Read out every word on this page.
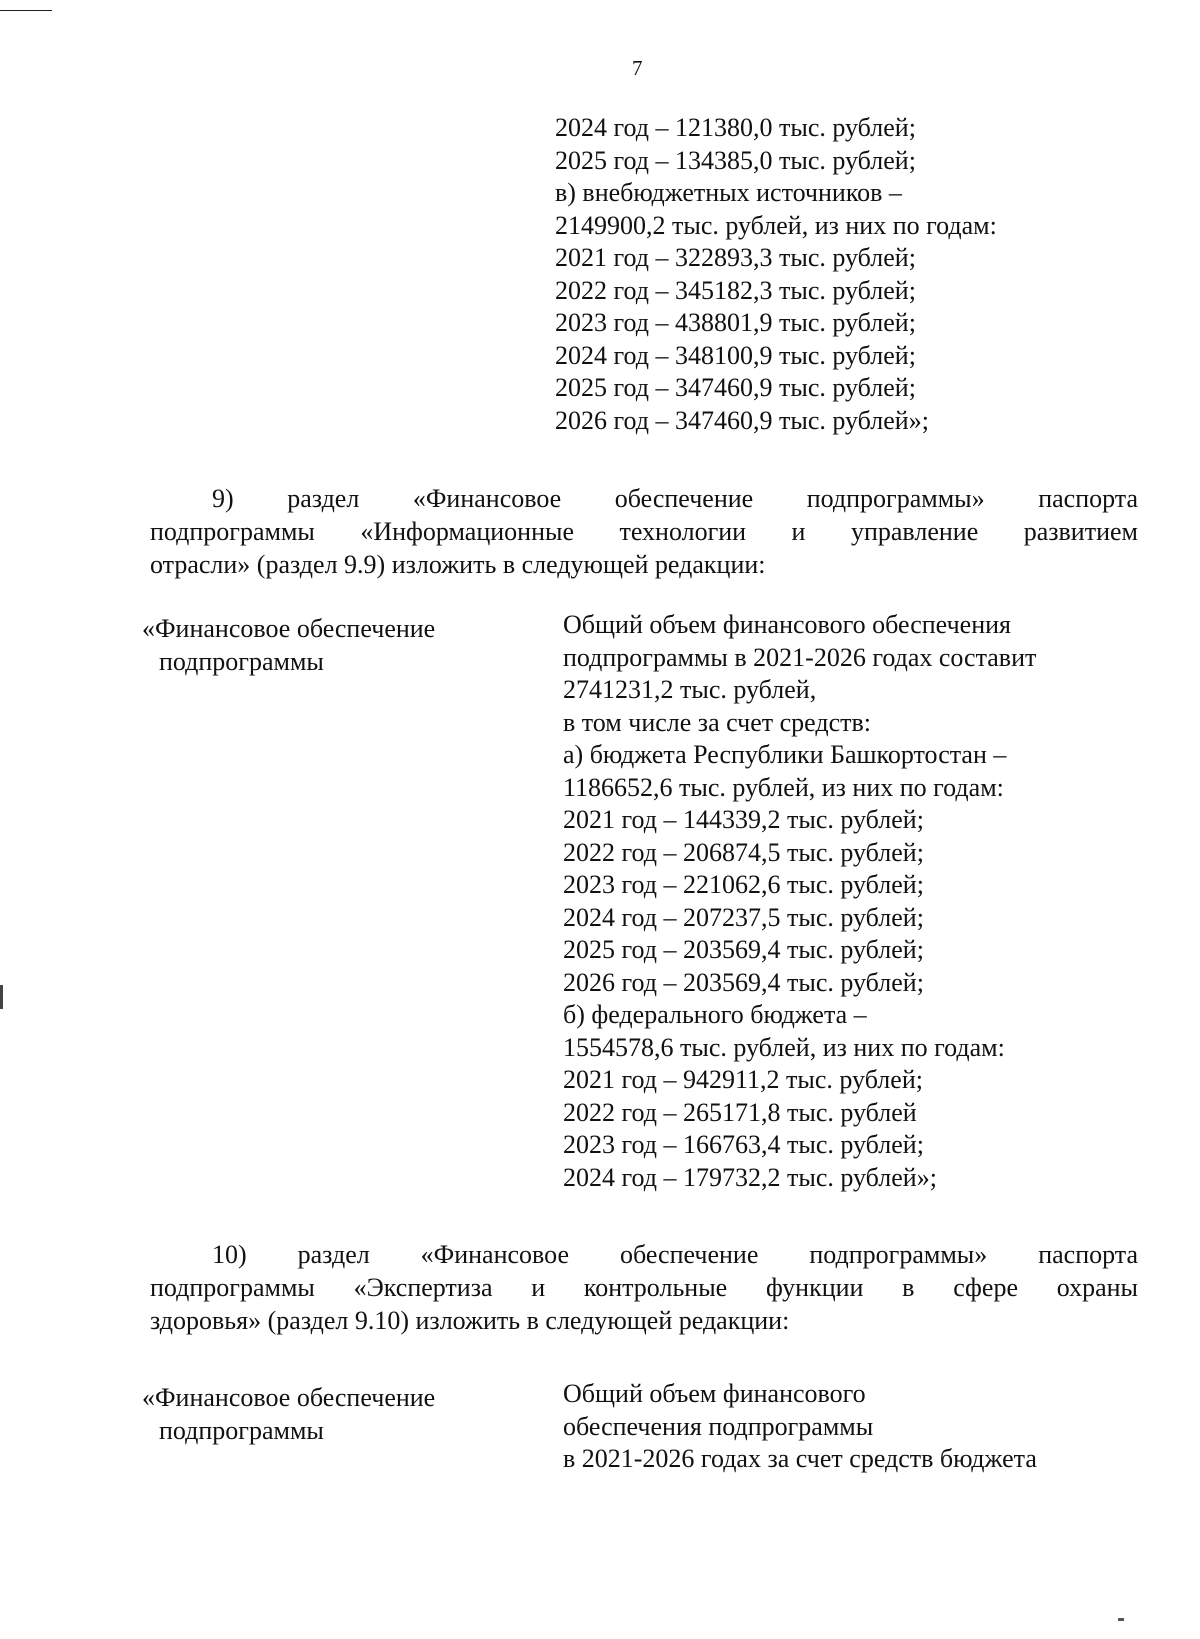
7
2024 год – 121380,0 тыс. рублей;
2025 год – 134385,0 тыс. рублей;
в) внебюджетных источников –
2149900,2 тыс. рублей, из них по годам:
2021 год – 322893,3 тыс. рублей;
2022 год – 345182,3 тыс. рублей;
2023 год – 438801,9 тыс. рублей;
2024 год – 348100,9 тыс. рублей;
2025 год – 347460,9 тыс. рублей;
2026 год – 347460,9 тыс. рублей»;
9) раздел «Финансовое обеспечение подпрограммы» паспорта
подпрограммы «Информационные технологии и управление развитием
отрасли» (раздел 9.9) изложить в следующей редакции:
«Финансовое обеспечение
подпрограммы
Общий объем финансового обеспечения
подпрограммы в 2021-2026 годах составит
2741231,2 тыс. рублей,
в том числе за счет средств:
а) бюджета Республики Башкортостан –
1186652,6 тыс. рублей, из них по годам:
2021 год – 144339,2 тыс. рублей;
2022 год – 206874,5 тыс. рублей;
2023 год – 221062,6 тыс. рублей;
2024 год – 207237,5 тыс. рублей;
2025 год – 203569,4 тыс. рублей;
2026 год – 203569,4 тыс. рублей;
б) федерального бюджета –
1554578,6 тыс. рублей, из них по годам:
2021 год – 942911,2 тыс. рублей;
2022 год – 265171,8 тыс. рублей
2023 год – 166763,4 тыс. рублей;
2024 год – 179732,2 тыс. рублей»;
10) раздел «Финансовое обеспечение подпрограммы» паспорта
подпрограммы «Экспертиза и контрольные функции в сфере охраны
здоровья» (раздел 9.10) изложить в следующей редакции:
«Финансовое обеспечение
подпрограммы
Общий объем финансового
обеспечения подпрограммы
в 2021-2026 годах за счет средств бюджета
